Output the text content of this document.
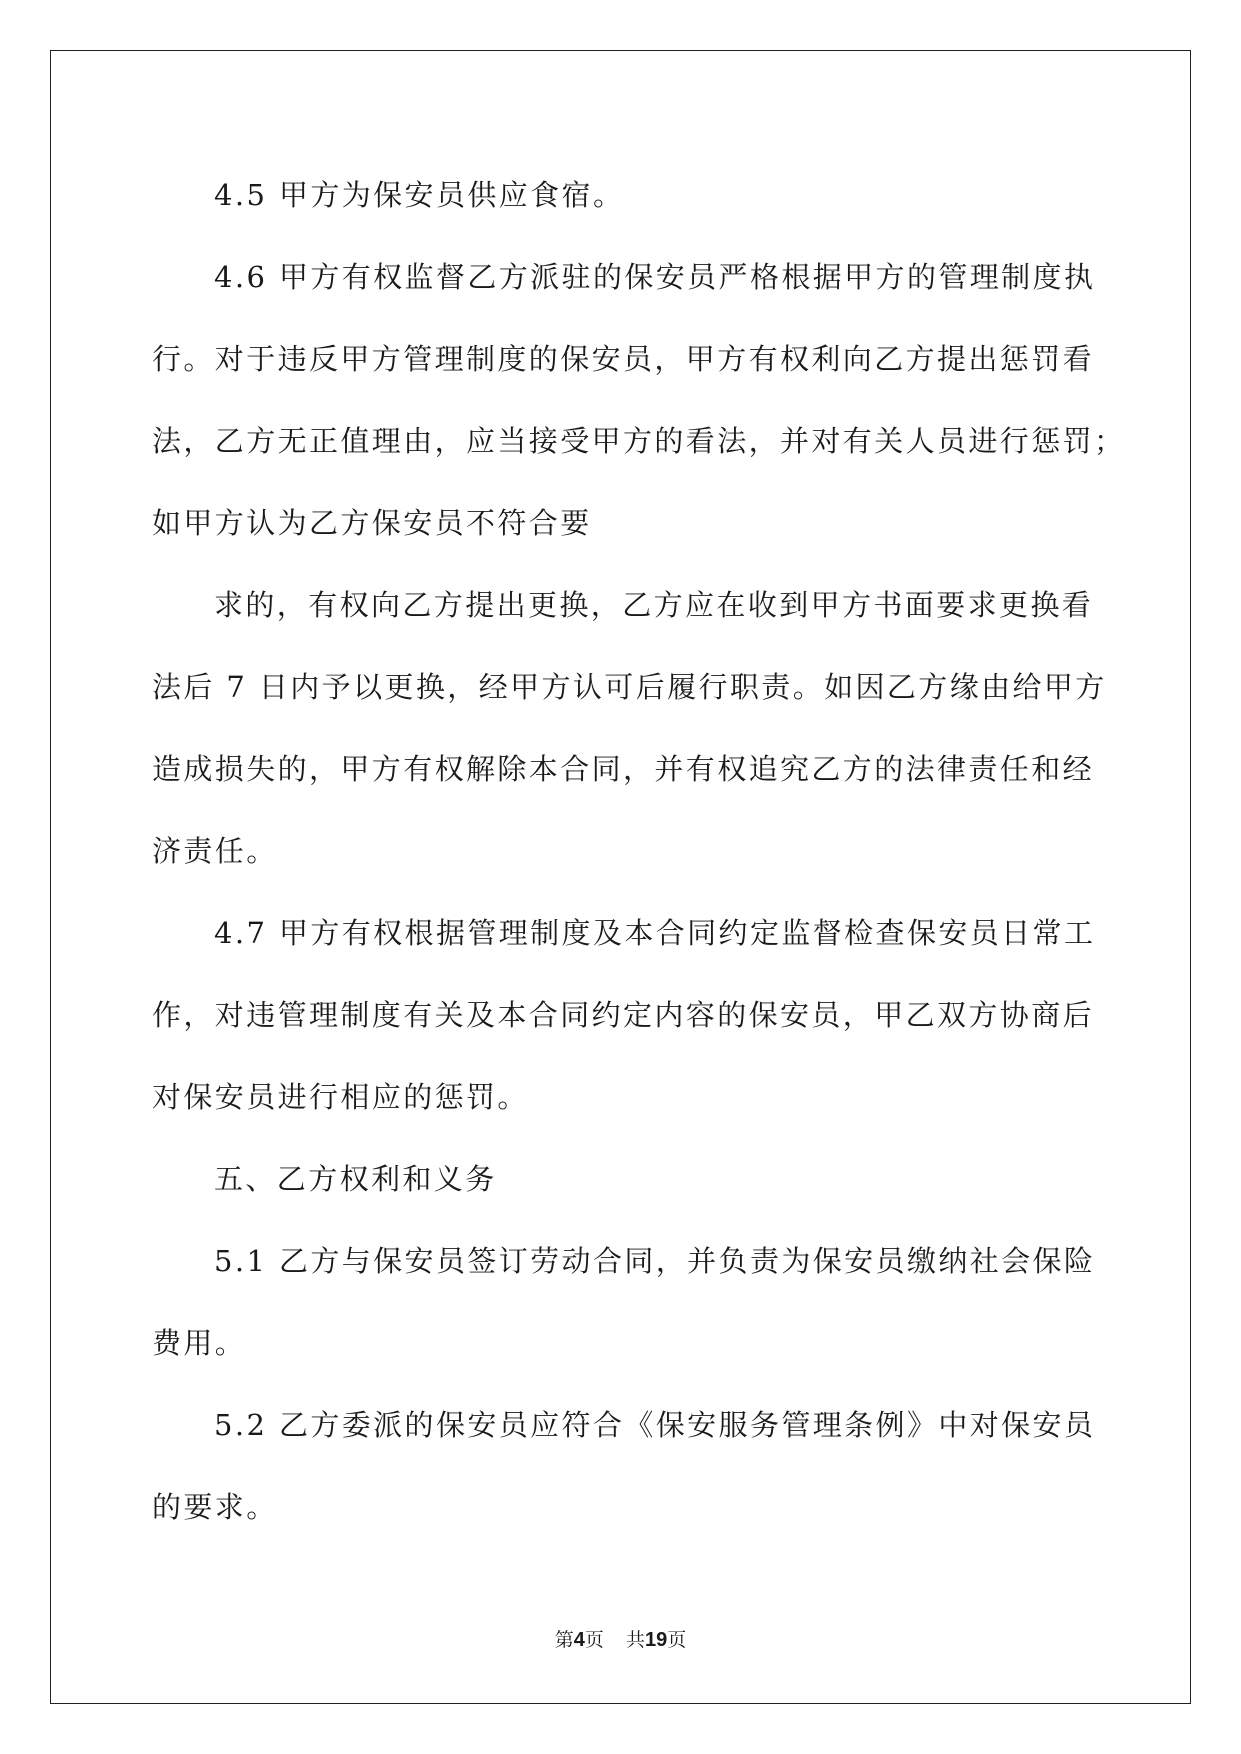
4.5 甲方为保安员供应食宿。
4.6 甲方有权监督乙方派驻的保安员严格根据甲方的管理制度执
行。对于违反甲方管理制度的保安员，甲方有权利向乙方提出惩罚看
法，乙方无正值理由，应当接受甲方的看法，并对有关人员进行惩罚；
如甲方认为乙方保安员不符合要
求的，有权向乙方提出更换，乙方应在收到甲方书面要求更换看
法后 7 日内予以更换，经甲方认可后履行职责。如因乙方缘由给甲方
造成损失的，甲方有权解除本合同，并有权追究乙方的法律责任和经
济责任。
4.7 甲方有权根据管理制度及本合同约定监督检查保安员日常工
作，对违管理制度有关及本合同约定内容的保安员，甲乙双方协商后
对保安员进行相应的惩罚。
五、乙方权利和义务
5.1 乙方与保安员签订劳动合同，并负责为保安员缴纳社会保险
费用。
5.2 乙方委派的保安员应符合《保安服务管理条例》中对保安员
的要求。
第4页 共19页
